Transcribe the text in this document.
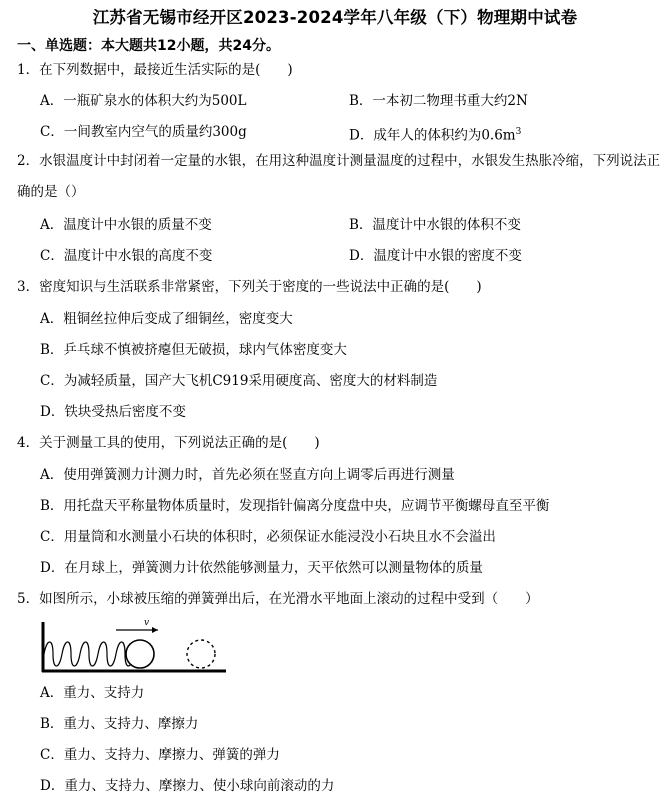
江苏省无锡市经开区2023-2024学年八年级（下）物理期中试卷
一、单选题：本大题共12小题，共24分。
1．在下列数据中，最接近生活实际的是(　　)
A．一瓶矿泉水的体积大约为500L	B．一本初二物理书重大约2N
C．一间教室内空气的质量约300g	D．成年人的体积约为$0.6m^3$
2．水银温度计中封闭着一定量的水银，在用这种温度计测量温度的过程中，水银发生热胀冷缩，下列说法正确的是（）
A．温度计中水银的质量不变	B．温度计中水银的体积不变
C．温度计中水银的高度不变	D．温度计中水银的密度不变
3．密度知识与生活联系非常紧密，下列关于密度的一些说法中正确的是(　　)
A．粗铜丝拉伸后变成了细铜丝，密度变大
B．乒乓球不慎被挤瘪但无破损，球内气体密度变大
C．为减轻质量，国产大飞机C919采用硬度高、密度大的材料制造
D．铁块受热后密度不变
4．关于测量工具的使用，下列说法正确的是(　　)
A．使用弹簧测力计测力时，首先必须在竖直方向上调零后再进行测量
B．用托盘天平称量物体质量时，发现指针偏离分度盘中央，应调节平衡螺母直至平衡
C．用量筒和水测量小石块的体积时，必须保证水能浸没小石块且水不会溢出
D．在月球上，弹簧测力计依然能够测量力，天平依然可以测量物体的质量
5．如图所示，小球被压缩的弹簧弹出后，在光滑水平地面上滚动的过程中受到（　　）
v
A．重力、支持力
B．重力、支持力、摩擦力
C．重力、支持力、摩擦力、弹簧的弹力
D．重力、支持力、摩擦力、使小球向前滚动的力
